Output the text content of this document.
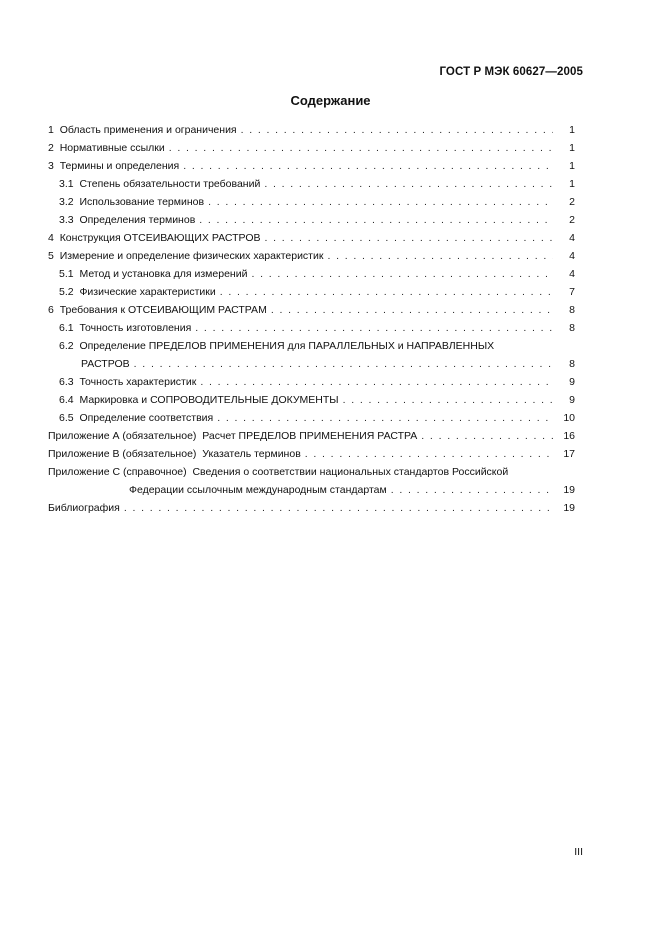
ГОСТ Р МЭК 60627—2005
Содержание
1 Область применения и ограничения . . .	1
2 Нормативные ссылки . . .	1
3 Термины и определения . . .	1
3.1 Степень обязательности требований . . .	1
3.2 Использование терминов . . .	2
3.3 Определения терминов . . .	2
4 Конструкция ОТСЕИВАЮЩИХ РАСТРОВ . . .	4
5 Измерение и определение физических характеристик . . .	4
5.1 Метод и установка для измерений . . .	4
5.2 Физические характеристики . . .	7
6 Требования к ОТСЕИВАЮЩИМ РАСТРАМ . . .	8
6.1 Точность изготовления . . .	8
6.2 Определение ПРЕДЕЛОВ ПРИМЕНЕНИЯ для ПАРАЛЛЕЛЬНЫХ и НАПРАВЛЕННЫХ
РАСТРОВ . . .	8
6.3 Точность характеристик . . .	9
6.4 Маркировка и СОПРОВОДИТЕЛЬНЫЕ ДОКУМЕНТЫ . . .	9
6.5 Определение соответствия . . .	10
Приложение А (обязательное)  Расчет ПРЕДЕЛОВ ПРИМЕНЕНИЯ РАСТРА . . .	16
Приложение В (обязательное)  Указатель терминов . . .	17
Приложение С (справочное)  Сведения о соответствии национальных стандартов Российской
Федерации ссылочным международным стандартам . . .	19
Библиография . . .	19
III
